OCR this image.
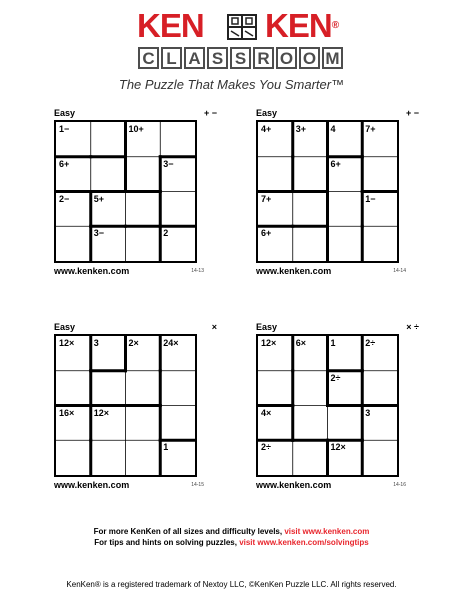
KEN KEN®
C L A S S R O O M
The Puzzle That Makes You Smarter™
Easy	+ −
1−	10+
6+	3−
2−	5+
3−	2
www.kenken.com	14-13
Easy	+ −
4+	3+	4	7+
6+
7+	1−
6+
www.kenken.com	14-14
Easy	×
12× 3	2×	24×
16× 12×
1
www.kenken.com	14-15
Easy	× ÷
12× 6×	1	2÷
2÷
4×	3
2÷	12×
www.kenken.com	14-16
For more KenKen of all sizes and difficulty levels, visit www.kenken.com
For tips and hints on solving puzzles, visit www.kenken.com/solvingtips
KenKen® is a registered trademark of Nextoy LLC, ©KenKen Puzzle LLC. All rights reserved.
